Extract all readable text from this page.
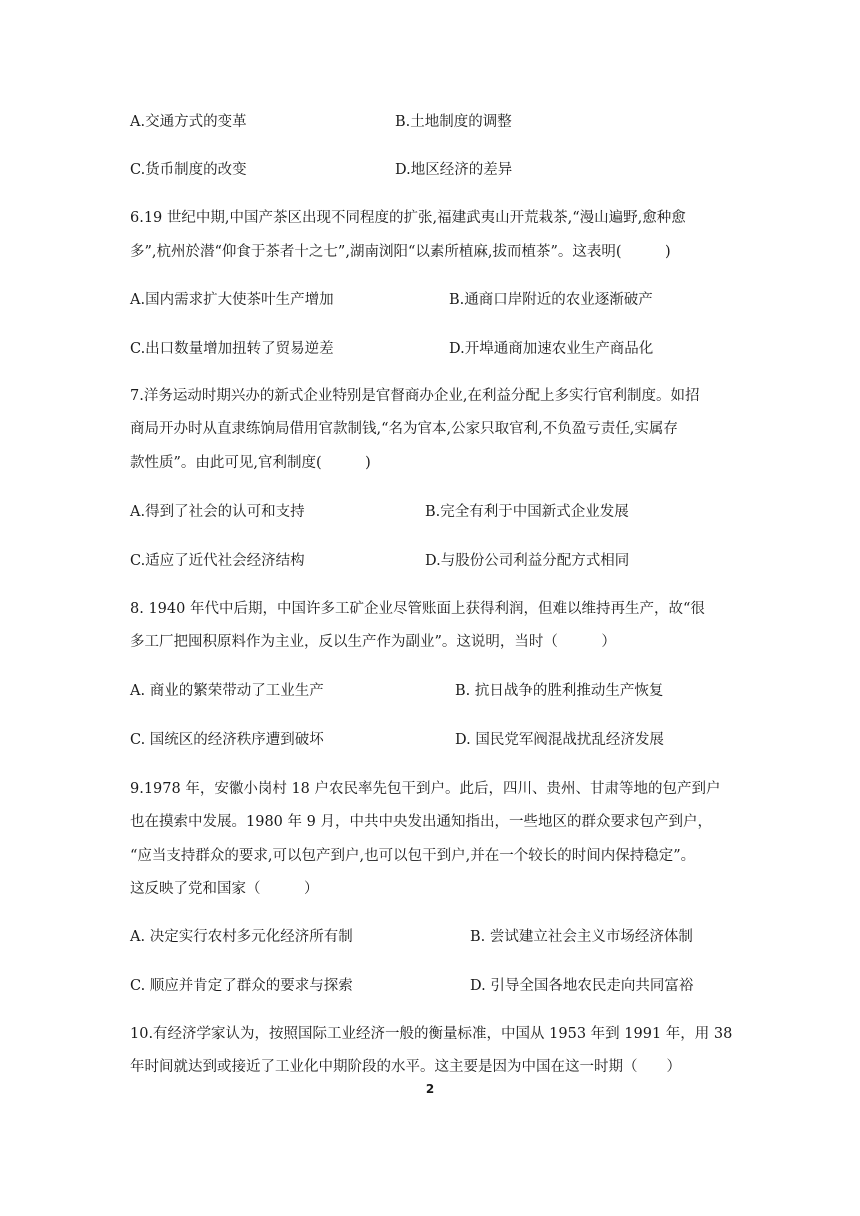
A.交通方式的变革	B.土地制度的调整
C.货币制度的改变	D.地区经济的差异
6.19 世纪中期,中国产茶区出现不同程度的扩张,福建武夷山开荒栽茶,“漫山遍野,愈种愈
多”,杭州於潜“仰食于茶者十之七”,湖南浏阳“以素所植麻,拔而植茶”。这表明(　　　)
A.国内需求扩大使茶叶生产增加	B.通商口岸附近的农业逐渐破产
C.出口数量增加扭转了贸易逆差	D.开埠通商加速农业生产商品化
7.洋务运动时期兴办的新式企业特别是官督商办企业,在利益分配上多实行官利制度。如招
商局开办时从直隶练饷局借用官款制钱,“名为官本,公家只取官利,不负盈亏责任,实属存
款性质”。由此可见,官利制度(　　　)
A.得到了社会的认可和支持	B.完全有利于中国新式企业发展
C.适应了近代社会经济结构	D.与股份公司利益分配方式相同
8. 1940 年代中后期，中国许多工矿企业尽管账面上获得利润，但难以维持再生产，故“很
多工厂把囤积原料作为主业，反以生产作为副业”。这说明，当时（　　　）
A. 商业的繁荣带动了工业生产	B. 抗日战争的胜利推动生产恢复
C. 国统区的经济秩序遭到破坏	D. 国民党军阀混战扰乱经济发展
9.1978 年，安徽小岗村 18 户农民率先包干到户。此后，四川、贵州、甘肃等地的包产到户
也在摸索中发展。1980 年 9 月，中共中央发出通知指出，一些地区的群众要求包产到户，
“应当支持群众的要求,可以包产到户,也可以包干到户,并在一个较长的时间内保持稳定”。
这反映了党和国家（　　　）
A. 决定实行农村多元化经济所有制	B. 尝试建立社会主义市场经济体制
C. 顺应并肯定了群众的要求与探索	D. 引导全国各地农民走向共同富裕
10.有经济学家认为，按照国际工业经济一般的衡量标准，中国从 1953 年到 1991 年，用 38
年时间就达到或接近了工业化中期阶段的水平。这主要是因为中国在这一时期（　　）
2
